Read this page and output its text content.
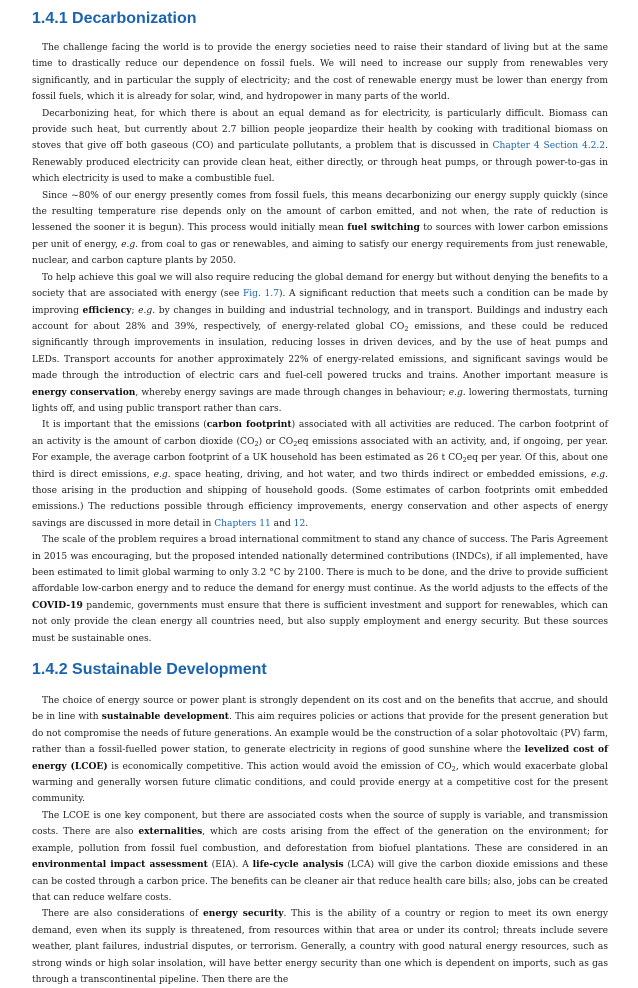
1.4.1 Decarbonization

The challenge facing the world is to provide the energy societies need to raise their standard of living but at the same time to drastically reduce our dependence on fossil fuels. We will need to increase our supply from renewables very significantly, and in particular the supply of electricity; and the cost of renewable energy must be lower than energy from fossil fuels, which it is already for solar, wind, and hydropower in many parts of the world.

Decarbonizing heat, for which there is about an equal demand as for electricity, is particularly difficult. Biomass can provide such heat, but currently about 2.7 billion people jeopardize their health by cooking with traditional biomass on stoves that give off both gaseous (CO) and particulate pollutants, a problem that is discussed in Chapter 4 Section 4.2.2. Renewably produced electricity can provide clean heat, either directly, or through heat pumps, or through power-to-gas in which electricity is used to make a combustible fuel.

Since ~80% of our energy presently comes from fossil fuels, this means decarbonizing our energy supply quickly (since the resulting temperature rise depends only on the amount of carbon emitted, and not when, the rate of reduction is lessened the sooner it is begun). This process would initially mean fuel switching to sources with lower carbon emissions per unit of energy, e.g. from coal to gas or renewables, and aiming to satisfy our energy requirements from just renewable, nuclear, and carbon capture plants by 2050.

To help achieve this goal we will also require reducing the global demand for energy but without denying the benefits to a society that are associated with energy (see Fig. 1.7). A significant reduction that meets such a condition can be made by improving efficiency; e.g. by changes in building and industrial technology, and in transport. Buildings and industry each account for about 28% and 39%, respectively, of energy-related global $CO_2$ emissions, and these could be reduced significantly through improvements in insulation, reducing losses in driven devices, and by the use of heat pumps and LEDs. Transport accounts for another approximately 22% of energy-related emissions, and significant savings would be made through the introduction of electric cars and fuel-cell powered trucks and trains. Another important measure is energy conservation, whereby energy savings are made through changes in behaviour; e.g. lowering thermostats, turning lights off, and using public transport rather than cars.

It is important that the emissions (carbon footprint) associated with all activities are reduced. The carbon footprint of an activity is the amount of carbon dioxide $(CO_2)$ or $CO_2eq$ emissions associated with an activity, and, if ongoing, per year. For example, the average carbon footprint of a UK household has been estimated as 26 t $CO_2eq$ per year. Of this, about one third is direct emissions, e.g. space heating, driving, and hot water, and two thirds indirect or embedded emissions, e.g. those arising in the production and shipping of household goods. (Some estimates of carbon footprints omit embedded emissions.) The reductions possible through efficiency improvements, energy conservation and other aspects of energy savings are discussed in more detail in Chapters 11 and 12.

The scale of the problem requires a broad international commitment to stand any chance of success. The Paris Agreement in 2015 was encouraging, but the proposed intended nationally determined contributions (INDCs), if all implemented, have been estimated to limit global warming to only 3.2 °C by 2100. There is much to be done, and the drive to provide sufficient affordable low-carbon energy and to reduce the demand for energy must continue. As the world adjusts to the effects of the COVID-19 pandemic, governments must ensure that there is sufficient investment and support for renewables, which can not only provide the clean energy all countries need, but also supply employment and energy security. But these sources must be sustainable ones.

1.4.2 Sustainable Development

The choice of energy source or power plant is strongly dependent on its cost and on the benefits that accrue, and should be in line with sustainable development. This aim requires policies or actions that provide for the present generation but do not compromise the needs of future generations. An example would be the construction of a solar photovoltaic (PV) farm, rather than a fossil-fuelled power station, to generate electricity in regions of good sunshine where the levelized cost of energy (LCOE) is economically competitive. This action would avoid the emission of $CO_2$, which would exacerbate global warming and generally worsen future climatic conditions, and could provide energy at a competitive cost for the present community.

The LCOE is one key component, but there are associated costs when the source of supply is variable, and transmission costs. There are also externalities, which are costs arising from the effect of the generation on the environment; for example, pollution from fossil fuel combustion, and deforestation from biofuel plantations. These are considered in an environmental impact assessment (EIA). A life-cycle analysis (LCA) will give the carbon dioxide emissions and these can be costed through a carbon price. The benefits can be cleaner air that reduce health care bills; also, jobs can be created that can reduce welfare costs.

There are also considerations of energy security. This is the ability of a country or region to meet its own energy demand, even when its supply is threatened, from resources within that area or under its control; threats include severe weather, plant failures, industrial disputes, or terrorism. Generally, a country with good natural energy resources, such as strong winds or high solar insolation, will have better energy security than one which is dependent on imports, such as gas through a transcontinental pipeline. Then there are the
